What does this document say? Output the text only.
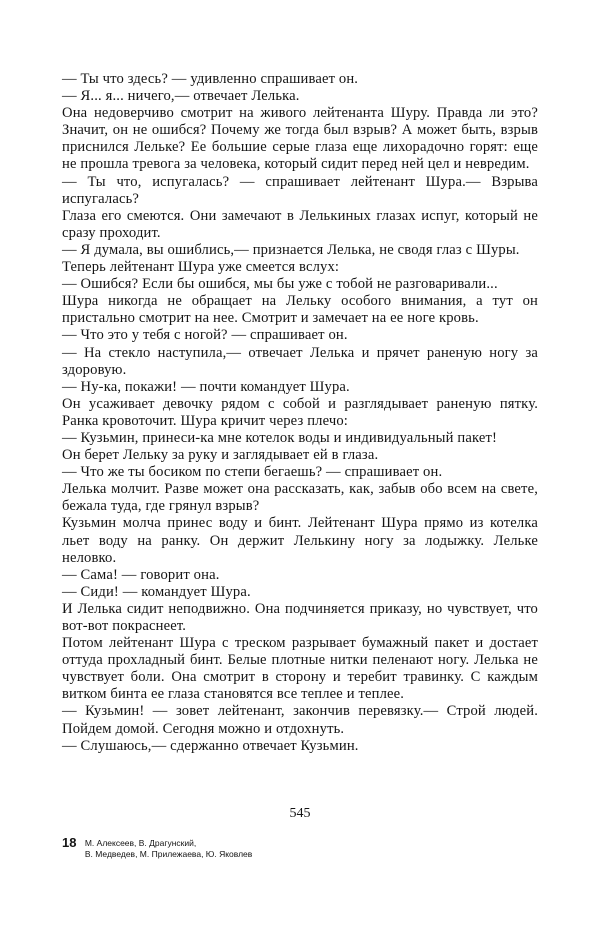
— Ты что здесь? — удивленно спрашивает он.

— Я... я... ничего,— отвечает Лелька.

Она недоверчиво смотрит на живого лейтенанта Шуру. Правда ли это? Значит, он не ошибся? Почему же тогда был взрыв? А может быть, взрыв приснился Лельке? Ее большие серые глаза еще лихорадочно горят: еще не прошла тревога за человека, который сидит перед ней цел и невредим.

— Ты что, испугалась? — спрашивает лейтенант Шура.— Взрыва испугалась?

Глаза его смеются. Они замечают в Лелькиных глазах испуг, который не сразу проходит.

— Я думала, вы ошиблись,— признается Лелька, не сводя глаз с Шуры.

Теперь лейтенант Шура уже смеется вслух:

— Ошибся? Если бы ошибся, мы бы уже с тобой не разговаривали...

Шура никогда не обращает на Лельку особого внимания, а тут он пристально смотрит на нее. Смотрит и замечает на ее ноге кровь.

— Что это у тебя с ногой? — спрашивает он.

— На стекло наступила,— отвечает Лелька и прячет раненую ногу за здоровую.

— Ну-ка, покажи! — почти командует Шура.

Он усаживает девочку рядом с собой и разглядывает раненую пятку. Ранка кровоточит. Шура кричит через плечо:

— Кузьмин, принеси-ка мне котелок воды и индивидуальный пакет!

Он берет Лельку за руку и заглядывает ей в глаза.

— Что же ты босиком по степи бегаешь? — спрашивает он.

Лелька молчит. Разве может она рассказать, как, забыв обо всем на свете, бежала туда, где грянул взрыв?

Кузьмин молча принес воду и бинт. Лейтенант Шура прямо из котелка льет воду на ранку. Он держит Лелькину ногу за лодыжку. Лельке неловко.

— Сама! — говорит она.

— Сиди! — командует Шура.

И Лелька сидит неподвижно. Она подчиняется приказу, но чувствует, что вот-вот покраснеет.

Потом лейтенант Шура с треском разрывает бумажный пакет и достает оттуда прохладный бинт. Белые плотные нитки пеленают ногу. Лелька не чувствует боли. Она смотрит в сторону и теребит травинку. С каждым витком бинта ее глаза становятся все теплее и теплее.

— Кузьмин! — зовет лейтенант, закончив перевязку.— Строй людей. Пойдем домой. Сегодня можно и отдохнуть.

— Слушаюсь,— сдержанно отвечает Кузьмин.

545
18 М. Алексеев, В. Драгунский,
В. Медведев, М. Прилежаева, Ю. Яковлев
